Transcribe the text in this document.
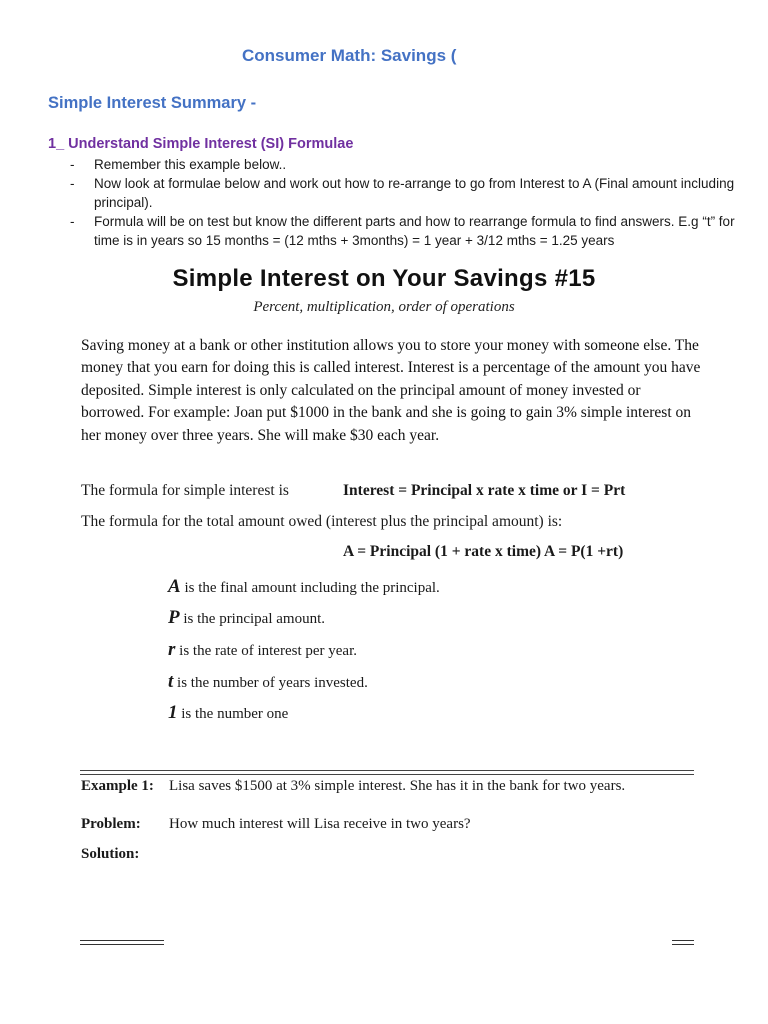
Consumer Math: Savings (
Simple Interest Summary -
1_ Understand Simple Interest (SI) Formulae
- Remember this example below..
- Now look at formulae below and work out how to re-arrange to go from Interest to A (Final amount including principal).
- Formula will be on test but know the different parts and how to rearrange formula to find answers. E.g “t” for time is in years so 15 months = (12 mths + 3months) = 1 year + 3/12 mths = 1.25 years
Simple Interest on Your Savings #15
Percent, multiplication, order of operations
Saving money at a bank or other institution allows you to store your money with someone else. The money that you earn for doing this is called interest. Interest is a percentage of the amount you have deposited. Simple interest is only calculated on the principal amount of money invested or borrowed. For example: Joan put $1000 in the bank and she is going to gain 3% simple interest on her money over three years. She will make $30 each year.
The formula for simple interest is	Interest = Principal x rate x time or I = Prt
The formula for the total amount owed (interest plus the principal amount) is:
A = Principal (1 + rate x time) A = P(1 +rt)
A is the final amount including the principal.
P is the principal amount.
r is the rate of interest per year.
t is the number of years invested.
1 is the number one
Example 1: Lisa saves $1500 at 3% simple interest. She has it in the bank for two years.
Problem: How much interest will Lisa receive in two years?
Solution:
